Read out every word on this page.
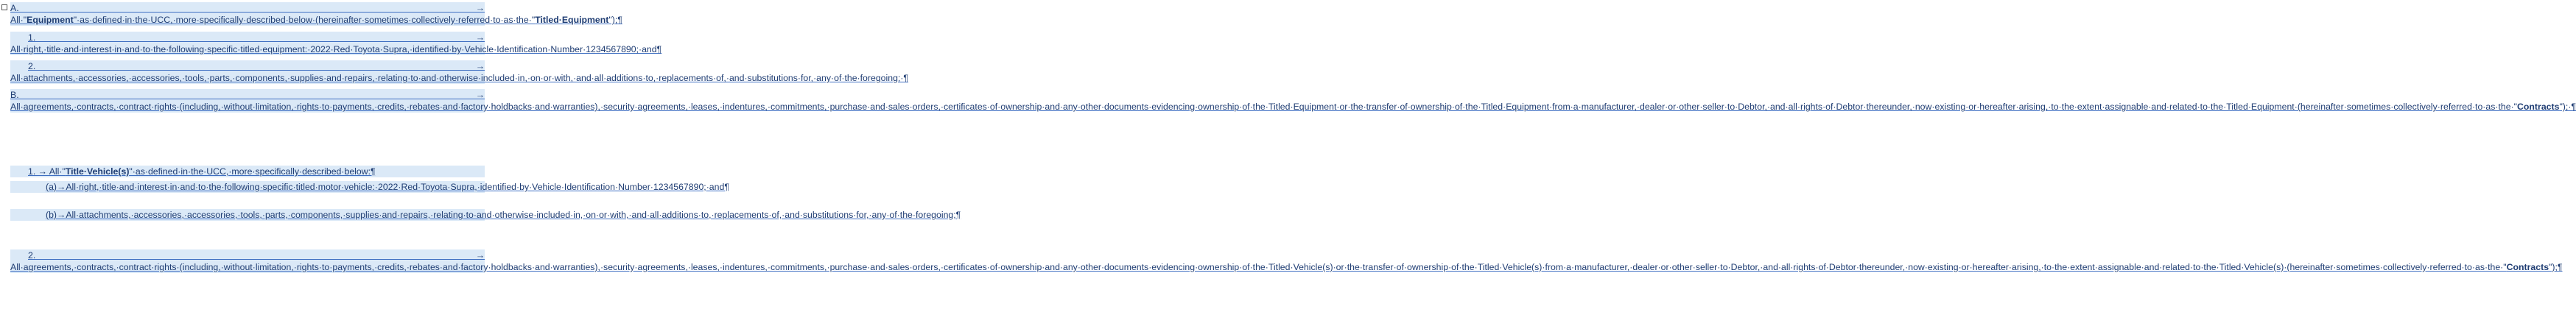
A. → All·"Equipment"·as·defined·in·the·UCC,·more·specifically·described·below·(hereinafter·sometimes·collectively·referred·to·as·the·"Titled·Equipment");¶
1. → All·right,·title·and·interest·in·and·to·the·following·specific·titled·equipment:·2022·Red·Toyota·Supra,·identified·by·Vehicle·Identification·Number·1234567890;·and¶
2. → All·attachments,·accessories,·accessories,·tools,·parts,·components,·supplies·and·repairs,·relating·to·and·otherwise·included·in,·on·or·with,·and·all·additions·to,·replacements·of,·and·substitutions·for,·any·of·the·foregoing;·¶
B. → All·agreements,·contracts,·contract·rights·(including,·without·limitation,·rights·to·payments,·credits,·rebates·and·factory·holdbacks·and·warranties),·security·agreements,·leases,·indentures,·commitments,·purchase·and·sales·orders,·certificates·of·ownership·and·any·other·documents·evidencing·ownership·of·the·Titled·Equipment·or·the·transfer·of·ownership·of·the·Titled·Equipment·from·a·manufacturer,·dealer·or·other·seller·to·Debtor,·and·all·rights·of·Debtor·thereunder,·now·existing·or·hereafter·arising,·to·the·extent·assignable·and·related·to·the·Titled·Equipment·(hereinafter·sometimes·collectively·referred·to·as·the·"Contracts");·¶
1. → All·"Title·Vehicle(s)"·as·defined·in·the·UCC,·more·specifically·described·below:¶
(a)→All·right,·title·and·interest·in·and·to·the·following·specific·titled·motor·vehicle:·2022·Red·Toyota·Supra,·identified·by·Vehicle·Identification·Number·1234567890;·and¶
(b)→All·attachments,·accessories,·accessories,·tools,·parts,·components,·supplies·and·repairs,·relating·to·and·otherwise·included·in,·on·or·with,·and·all·additions·to,·replacements·of,·and·substitutions·for,·any·of·the·foregoing;¶
2. → All·agreements,·contracts,·contract·rights·(including,·without·limitation,·rights·to·payments,·credits,·rebates·and·factory·holdbacks·and·warranties),·security·agreements,·leases,·indentures,·commitments,·purchase·and·sales·orders,·certificates·of·ownership·and·any·other·documents·evidencing·ownership·of·the·Titled·Vehicle(s)·or·the·transfer·of·ownership·of·the·Titled·Vehicle(s)·from·a·manufacturer,·dealer·or·other·seller·to·Debtor,·and·all·rights·of·Debtor·thereunder,·now·existing·or·hereafter·arising,·to·the·extent·assignable·and·related·to·the·Titled·Vehicle(s)·(hereinafter·sometimes·collectively·referred·to·as·the·"Contracts");¶
